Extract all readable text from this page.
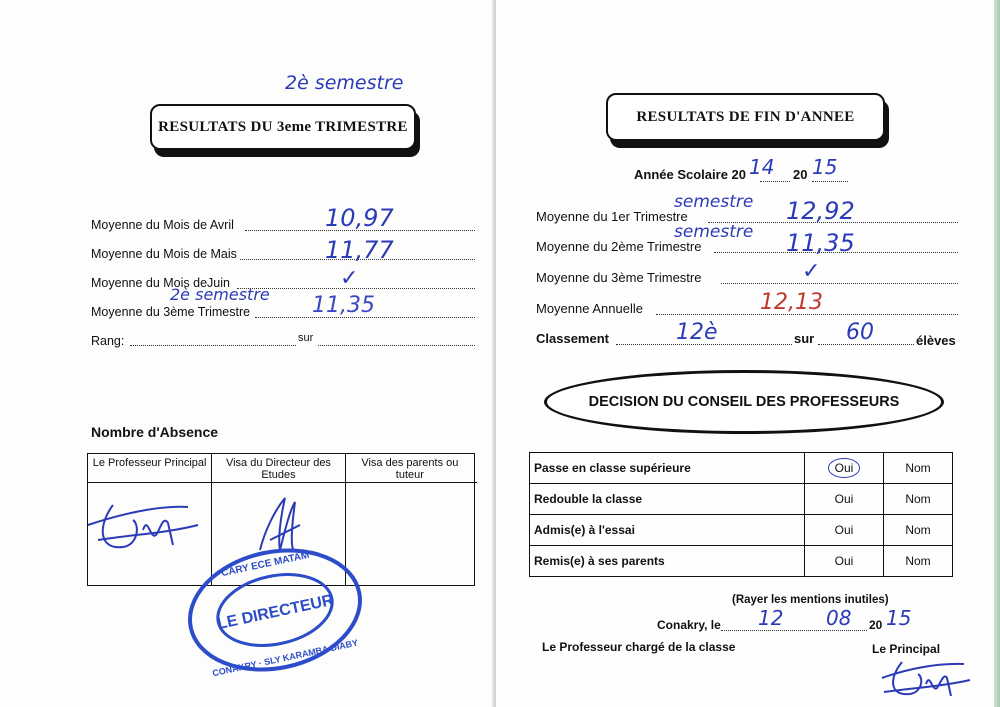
2è semestre
RESULTATS DU 3eme TRIMESTRE
Moyenne du Mois de Avril	10,97
Moyenne du Mois de Mais	11,77
Moyenne du Mois deJuin	✓
2è semestre
Moyenne du 3ème Trimestre	11,35
Rang:	sur
Nombre d'Absence
Le Professeur Principal	Visa du Directeur des Etudes	Visa des parents ou tuteur
LE DIRECTEUR
CARY ECE MATAM
CONAKRY · SLY KARAMBA DIABY
RESULTATS DE FIN D'ANNEE
Année Scolaire 20 14 20 15
semestre
Moyenne du 1er Trimestre	12,92
semestre
Moyenne du 2ème Trimestre	11,35
Moyenne du 3ème Trimestre	✓
Moyenne Annuelle	12,13
Classement	12è	sur 60	élèves
DECISION DU CONSEIL DES PROFESSEURS
Passe en classe supérieure	Oui	Nom
Redouble la classe	Oui	Nom
Admis(e) à l'essai	Oui	Nom
Remis(e) à ses parents	Oui	Nom
(Rayer les mentions inutiles)
Conakry, le 12 08 20 15
Le Professeur chargé de la classe	Le Principal
